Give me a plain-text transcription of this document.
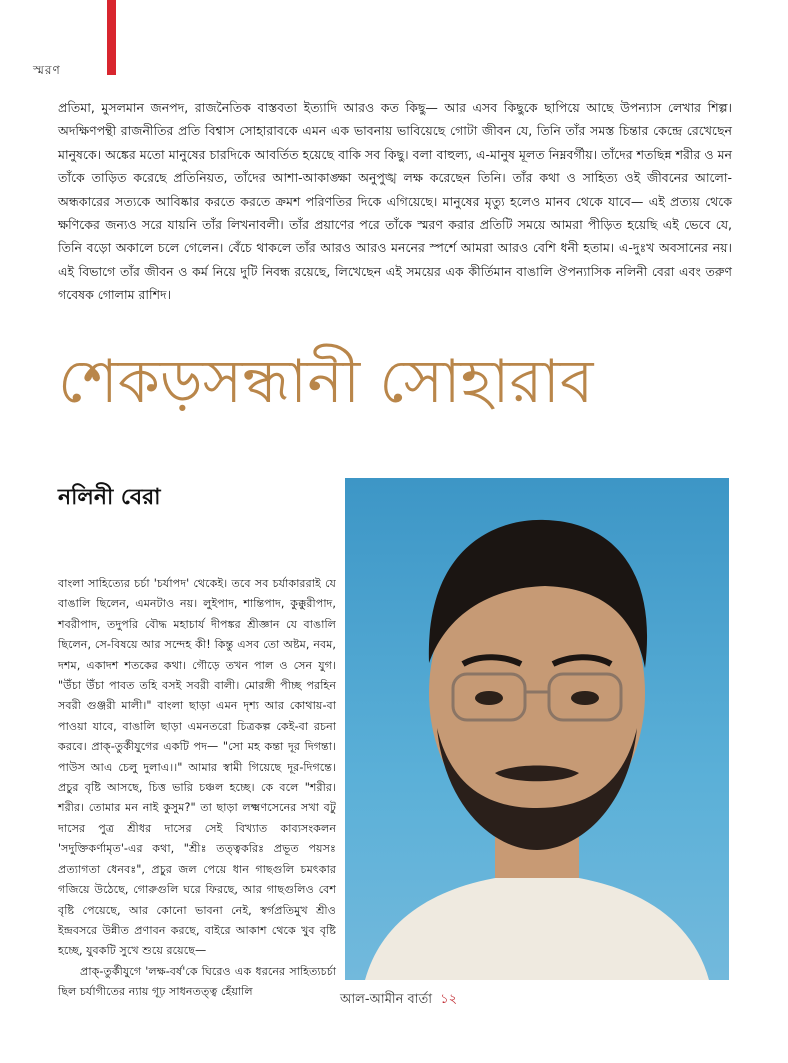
স্মরণ
প্রতিমা, মুসলমান জনপদ, রাজনৈতিক বাস্তবতা ইত্যাদি আরও কত কিছু— আর এসব কিছুকে ছাপিয়ে আছে উপন্যাস লেখার শিল্প। অদক্ষিণপন্থী রাজনীতির প্রতি বিশ্বাস সোহারাবকে এমন এক ভাবনায় ভাবিয়েছে গোটা জীবন যে, তিনি তাঁর সমস্ত চিন্তার কেন্দ্রে রেখেছেন মানুষকে। অঙ্কের মতো মানুষের চারদিকে আবর্তিত হয়েছে বাকি সব কিছু। বলা বাহুল্য, এ-মানুষ মূলত নিম্নবর্গীয়। তাঁদের শতছিন্ন শরীর ও মন তাঁকে তাড়িত করেছে প্রতিনিয়ত, তাঁদের আশা-আকাঙ্ক্ষা অনুপুঙ্খ লক্ষ করেছেন তিনি। তাঁর কথা ও সাহিত্য ওই জীবনের আলো-অন্ধকারের সত্যকে আবিষ্কার করতে করতে ক্রমশ পরিণতির দিকে এগিয়েছে। মানুষের মৃত্যু হলেও মানব থেকে যাবে— এই প্রত্যয় থেকে ক্ষণিকের জন্যও সরে যায়নি তাঁর লিখনাবলী। তাঁর প্রয়াণের পরে তাঁকে স্মরণ করার প্রতিটি সময়ে আমরা পীড়িত হয়েছি এই ভেবে যে, তিনি বড়ো অকালে চলে গেলেন। বেঁচে থাকলে তাঁর আরও আরও মননের স্পর্শে আমরা আরও বেশি ধনী হতাম। এ-দুঃখ অবসানের নয়। এই বিভাগে তাঁর জীবন ও কর্ম নিয়ে দুটি নিবন্ধ রয়েছে, লিখেছেন এই সময়ের এক কীর্তিমান বাঙালি ঔপন্যাসিক নলিনী বেরা এবং তরুণ গবেষক গোলাম রাশিদ।
শেকড়সন্ধানী সোহারাব
নলিনী বেরা

বাংলা সাহিত্যের চর্চা 'চর্যাপদ' থেকেই। তবে সব চর্যাকাররাই যে বাঙালি ছিলেন, এমনটাও নয়। লুইপাদ, শান্তিপাদ, কুক্কুরীপাদ, শবরীপাদ, তদুপরি বৌদ্ধ মহাচার্য দীপঙ্কর শ্রীজ্ঞান যে বাঙালি ছিলেন, সে-বিষয়ে আর সন্দেহ কী! কিন্তু এসব তো অষ্টম, নবম, দশম, একাদশ শতকের কথা। গৌড়ে তখন পাল ও সেন যুগ। "উঁচা উঁচা পাবত তহি বসই সবরী বালী। মোরঙ্গী পীচ্ছ পরহিন সবরী গুঞ্জরী মালী।" বাংলা ছাড়া এমন দৃশ্য আর কোথায়-বা পাওয়া যাবে, বাঙালি ছাড়া এমনতরো চিত্রকল্প কেই-বা রচনা করবে। প্রাক্-তুর্কীযুগের একটি পদ— "সো মহ কন্তা দূর দিগন্তা। পাউস আএ চেলু দুলাএ।।" আমার স্বামী গিয়েছে দূর-দিগন্তে। প্রচুর বৃষ্টি আসছে, চিত্ত ভারি চঞ্চল হচ্ছে। কে বলে "শরীর। শরীর। তোমার মন নাই কুসুম?" তা ছাড়া লক্ষ্মণসেনের সখা বটু দাসের পুত্র শ্রীধর দাসের সেই বিখ্যাত কাব্যসংকলন 'সদুক্তিকর্ণামৃত'-এর কথা, "শ্রীঃ তত্ত্বকরিঃ প্রভূত পয়সঃ প্রত্যাগতা ধেনবঃ", প্রচুর জল পেয়ে ধান গাছগুলি চমৎকার গজিয়ে উঠেছে, গোরুগুলি ঘরে ফিরছে, আর গাছগুলিও বেশ বৃষ্টি পেয়েছে, আর কোনো ভাবনা নেই, স্বর্গপ্রতিমুখ শ্রীও ইন্দ্রবসরে উন্নীত প্রণাবন করছে, বাইরে আকাশ থেকে খুব বৃষ্টি হচ্ছে, যুবকটি সুখে শুয়ে রয়েছে—

প্রাক্-তুর্কীযুগে 'লক্ষ-বর্ষ'কে ঘিরেও এক ধরনের সাহিত্যচর্চা ছিল চর্যাগীতের ন্যায় গূঢ় সাধনতত্ত্ব হেঁয়ালি

আল-আমীন বার্তা ১২
